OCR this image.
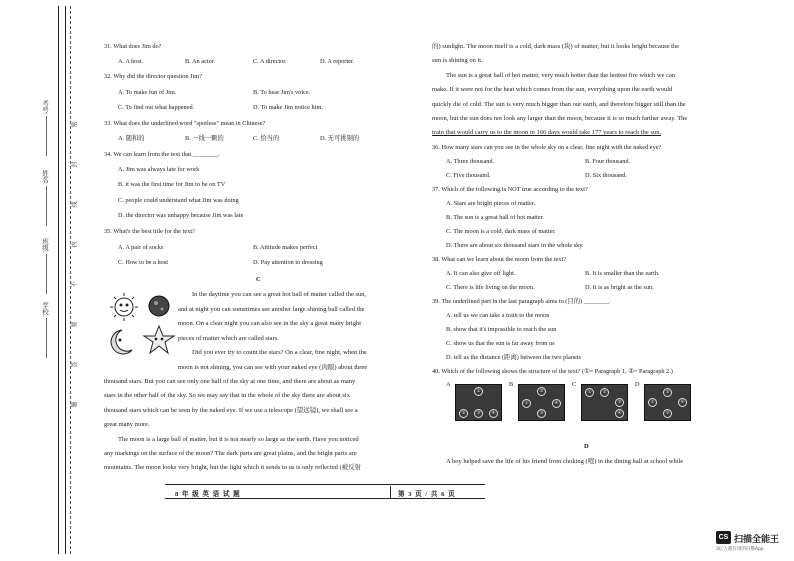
学校:
班级:
姓名:
考号:
密
封
线
内
不
要
答
题
31. What does Jim do?
A. A host.	B. An actor.	C. A director.	D. A reporter.
32. Why did the director question Jim?
A. To make fun of Jim.	B. To hear Jim's voice.
C. To find out what happened.	D. To make Jim notice him.
33. What does the underlined word "spotless" mean in Chinese?
A. 随和的	B. 一线一颗的	C. 恰当的	D. 无可挑剔的
34. We can learn from the text that ________.
A. Jim was always late for work
B. it was the first time for Jim to be on TV
C. people could understand what Jim was doing
D. the director was unhappy because Jim was late
35. What's the best title for the text?
A. A pair of socks	B. Attitude makes perfect
C. How to be a host	D. Pay attention to dressing
C
In the daytime you can see a great hot ball of matter called the sun,
and at night you can sometimes see another large shining ball called the
moon. On a clear night you can also see in the sky a great many bright
pieces of matter which are called stars.
Did you ever try to count the stars? On a clear, fine night, when the
moon is not shining, you can see with your naked eye (肉眼) about three
thousand stars. But you can see only one half of the sky at one time, and there are about as many
stars in the other half of the sky. So we may say that in the whole of the sky there are about six
thousand stars which can be seen by the naked eye. If we use a telescope (望远镜), we shall see a
great many more.
The moon is a large ball of matter, but it is not nearly so large as the earth. Have you noticed
any markings on the surface of the moon? The dark parts are great plains, and the bright parts are
mountains. The moon looks very bright, but the light which it sends to us is only reflected (被反射
的) sunlight. The moon itself is a cold, dark mass (块) of matter, but it looks bright because the
sun is shining on it.
The sun is a great ball of hot matter, very much hotter than the hottest fire which we can
make. If it were not for the heat which comes from the sun, everything upon the earth would
quickly die of cold. The sun is very much bigger than our earth, and therefore bigger still than the
moon, but the sun does not look any larger than the moon, because it is so much farther away. The
train that would carry us to the moon in 166 days would take 177 years to reach the sun.
36. How many stars can you see in the whole sky on a clear, fine night with the naked eye?
A. Three thousand.	B. Four thousand.
C. Five thousand.	D. Six thousand.
37. Which of the following is NOT true according to the text?
A. Stars are bright pieces of matter.
B. The sun is a great ball of hot matter.
C. The moon is a cold, dark mass of matter.
D. There are about six thousand stars in the whole sky.
38. What can we learn about the moon from the text?
A. It can also give off light.	B. It is smaller than the earth.
C. There is life living on the moon.	D. It is as bright as the sun.
39. The underlined part in the last paragraph aims to (目的) ________.
A. tell us we can take a train to the moon
B. show that it's impossible to reach the sun
C. show us that the sun is far away from us
D. tell us the distance (距离) between the two planets
40. Which of the following shows the structure of the text? (①= Paragraph 1, ②= Paragraph 2.)
A
①
②	③	④
B
①
②
③
④
C
①	②
③
④
D
①
②
③
④
D
A boy helped save the life of his friend from choking (噎) in the dining hall at school while
8 年 级 英 语 试 题	第 3 页 / 共 6 页
CS 扫描全能王
3亿人都在用的扫描App
